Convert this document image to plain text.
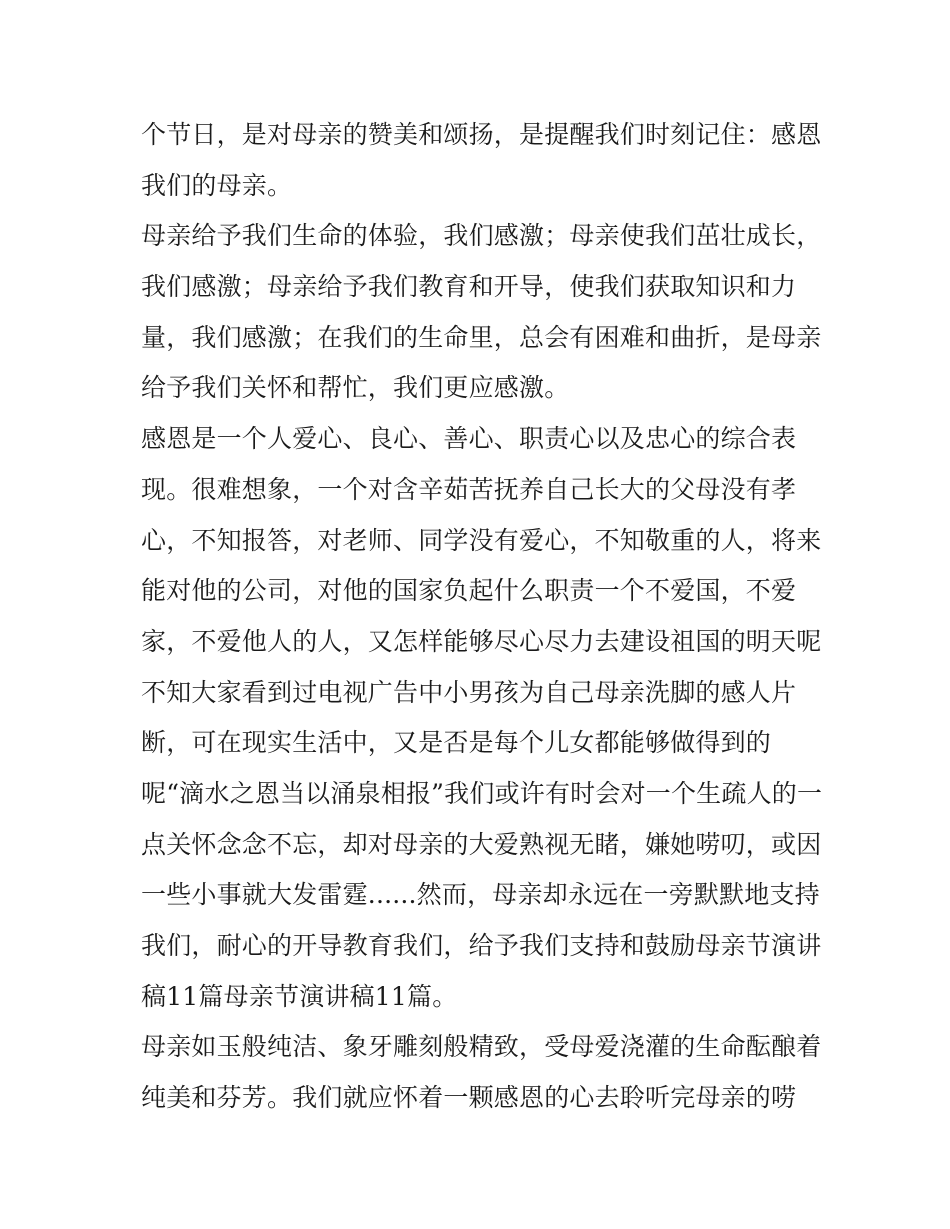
个节日，是对母亲的赞美和颂扬，是提醒我们时刻记住：感恩
我们的母亲。
母亲给予我们生命的体验，我们感激；母亲使我们茁壮成长，
我们感激；母亲给予我们教育和开导，使我们获取知识和力
量，我们感激；在我们的生命里，总会有困难和曲折，是母亲
给予我们关怀和帮忙，我们更应感激。
感恩是一个人爱心、良心、善心、职责心以及忠心的综合表
现。很难想象，一个对含辛茹苦抚养自己长大的父母没有孝
心，不知报答，对老师、同学没有爱心，不知敬重的人，将来
能对他的公司，对他的国家负起什么职责一个不爱国，不爱
家，不爱他人的人，又怎样能够尽心尽力去建设祖国的明天呢
不知大家看到过电视广告中小男孩为自己母亲洗脚的感人片
断，可在现实生活中，又是否是每个儿女都能够做得到的
呢“滴水之恩当以涌泉相报”我们或许有时会对一个生疏人的一
点关怀念念不忘，却对母亲的大爱熟视无睹，嫌她唠叨，或因
一些小事就大发雷霆......然而，母亲却永远在一旁默默地支持
我们，耐心的开导教育我们，给予我们支持和鼓励母亲节演讲
稿11篇母亲节演讲稿11篇。
母亲如玉般纯洁、象牙雕刻般精致，受母爱浇灌的生命酝酿着
纯美和芬芳。我们就应怀着一颗感恩的心去聆听完母亲的唠
